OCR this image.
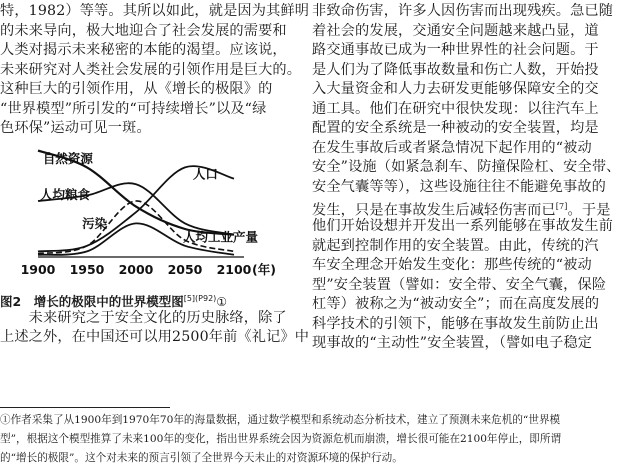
特，1982）等等。其所以如此，就是因为其鲜明
的未来导向，极大地迎合了社会发展的需要和
人类对揭示未来秘密的本能的渴望。应该说，
未来研究对人类社会发展的引领作用是巨大的。
这种巨大的引领作用，从《增长的极限》的
“世界模型”所引发的“可持续增长”以及“绿
色环保”运动可见一斑。
自然资源
人均粮食
人口
污染
人均工业产量
1900 1950 2000 2050 2100 (年)
图2　增长的极限中的世界模型图$^{[5](P92)}$①
　　未来研究之于安全文化的历史脉络，除了
上述之外，在中国还可以用2500年前《礼记》中
非致命伤害，许多人因伤害而出现残疾。急已随
着社会的发展，交通安全问题越来越凸显，道
路交通事故已成为一种世界性的社会问题。于
是人们为了降低事故数量和伤亡人数，开始投
入大量资金和人力去研发更能够保障安全的交
通工具。他们在研究中很快发现：以往汽车上
配置的安全系统是一种被动的安全装置，均是
在发生事故后或者紧急情况下起作用的“被动
安全”设施（如紧急刹车、防撞保险杠、安全带、
安全气囊等等），这些设施往往不能避免事故的
发生，只是在事故发生后减轻伤害而已[7]。于是
他们开始设想并开发出一系列能够在事故发生前
就起到控制作用的安全装置。由此，传统的汽
车安全理念开始发生变化：那些传统的“被动
型”安全装置（譬如：安全带、安全气囊，保险
杠等）被称之为“被动安全”；而在高度发展的
科学技术的引领下，能够在事故发生前防止出
现事故的“主动性”安全装置，（譬如电子稳定
①作者采集了从1900年到1970年70年的海量数据，通过数学模型和系统动态分析技术，建立了预测未来危机的“世界模
型”，根据这个模型推算了未来100年的变化，指出世界系统会因为资源危机而崩溃，增长很可能在2100年停止，即所谓
的“增长的极限”。这个对未来的预言引领了全世界今天未止的对资源环境的保护行动。
